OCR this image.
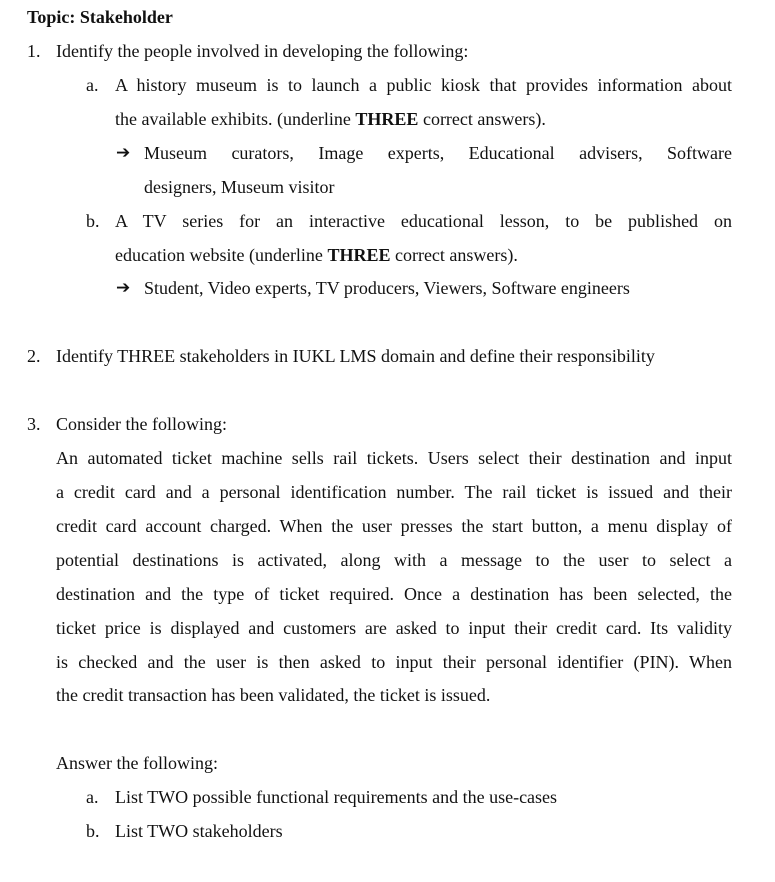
Topic: Stakeholder
1. Identify the people involved in developing the following:
a. A history museum is to launch a public kiosk that provides information about
the available exhibits. (underline THREE correct answers).
➔ Museum curators, Image experts, Educational advisers, Software
designers, Museum visitor
b. A TV series for an interactive educational lesson, to be published on
education website (underline THREE correct answers).
➔ Student, Video experts, TV producers, Viewers, Software engineers
2. Identify THREE stakeholders in IUKL LMS domain and define their responsibility
3. Consider the following:
An automated ticket machine sells rail tickets. Users select their destination and input
a credit card and a personal identification number. The rail ticket is issued and their
credit card account charged. When the user presses the start button, a menu display of
potential destinations is activated, along with a message to the user to select a
destination and the type of ticket required. Once a destination has been selected, the
ticket price is displayed and customers are asked to input their credit card. Its validity
is checked and the user is then asked to input their personal identifier (PIN). When
the credit transaction has been validated, the ticket is issued.
Answer the following:
a. List TWO possible functional requirements and the use-cases
b. List TWO stakeholders
